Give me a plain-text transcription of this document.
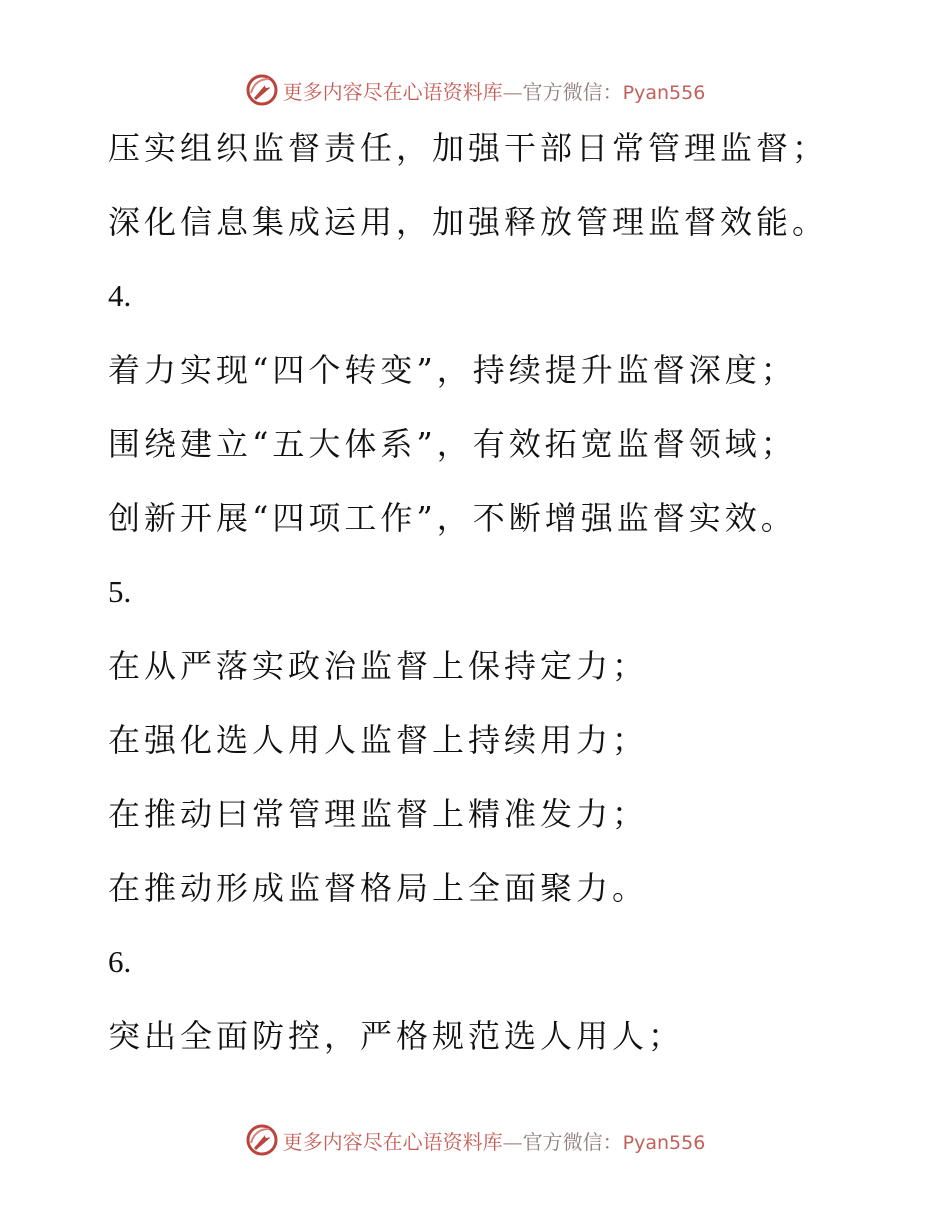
更多内容尽在心语资料库—官方微信：Pyan556
压实组织监督责任，加强干部日常管理监督；
深化信息集成运用，加强释放管理监督效能。
4.
着力实现“四个转变”，持续提升监督深度；
围绕建立“五大体系”，有效拓宽监督领域；
创新开展“四项工作”，不断增强监督实效。
5.
在从严落实政治监督上保持定力；
在强化选人用人监督上持续用力；
在推动曰常管理监督上精准发力；
在推动形成监督格局上全面聚力。
6.
突出全面防控，严格规范选人用人；
更多内容尽在心语资料库—官方微信：Pyan556
